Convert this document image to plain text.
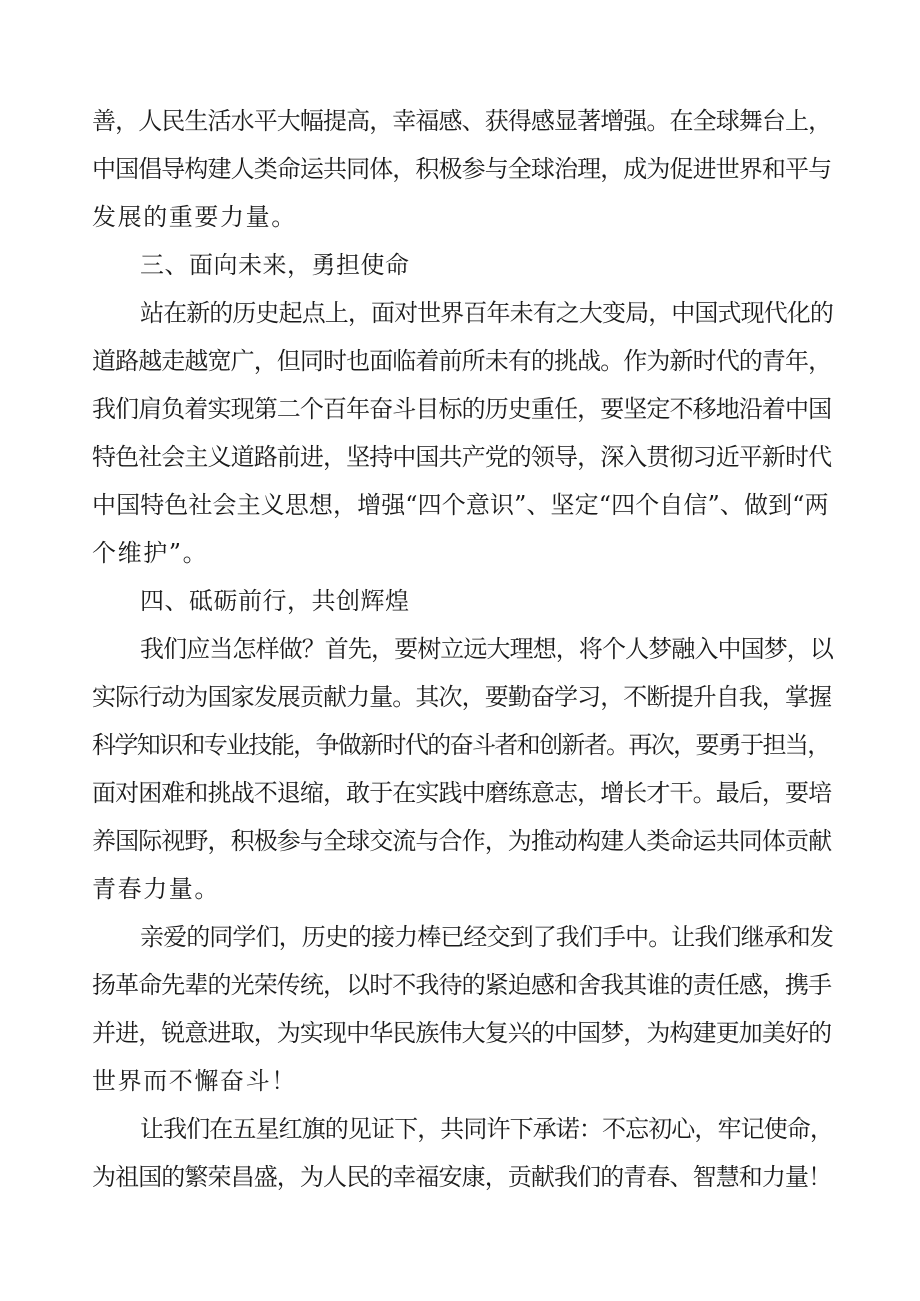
善，人民生活水平大幅提高，幸福感、获得感显著增强。在全球舞台上，

中国倡导构建人类命运共同体，积极参与全球治理，成为促进世界和平与

发展的重要力量。

三、面向未来，勇担使命

站在新的历史起点上，面对世界百年未有之大变局，中国式现代化的

道路越走越宽广，但同时也面临着前所未有的挑战。作为新时代的青年，

我们肩负着实现第二个百年奋斗目标的历史重任，要坚定不移地沿着中国

特色社会主义道路前进，坚持中国共产党的领导，深入贯彻习近平新时代

中国特色社会主义思想，增强“四个意识”、坚定“四个自信”、做到“两

个维护”。

四、砥砺前行，共创辉煌

我们应当怎样做？首先，要树立远大理想，将个人梦融入中国梦，以

实际行动为国家发展贡献力量。其次，要勤奋学习，不断提升自我，掌握

科学知识和专业技能，争做新时代的奋斗者和创新者。再次，要勇于担当，

面对困难和挑战不退缩，敢于在实践中磨练意志，增长才干。最后，要培

养国际视野，积极参与全球交流与合作，为推动构建人类命运共同体贡献

青春力量。

亲爱的同学们，历史的接力棒已经交到了我们手中。让我们继承和发

扬革命先辈的光荣传统，以时不我待的紧迫感和舍我其谁的责任感，携手

并进，锐意进取，为实现中华民族伟大复兴的中国梦，为构建更加美好的

世界而不懈奋斗！

让我们在五星红旗的见证下，共同许下承诺：不忘初心，牢记使命，

为祖国的繁荣昌盛，为人民的幸福安康，贡献我们的青春、智慧和力量！
